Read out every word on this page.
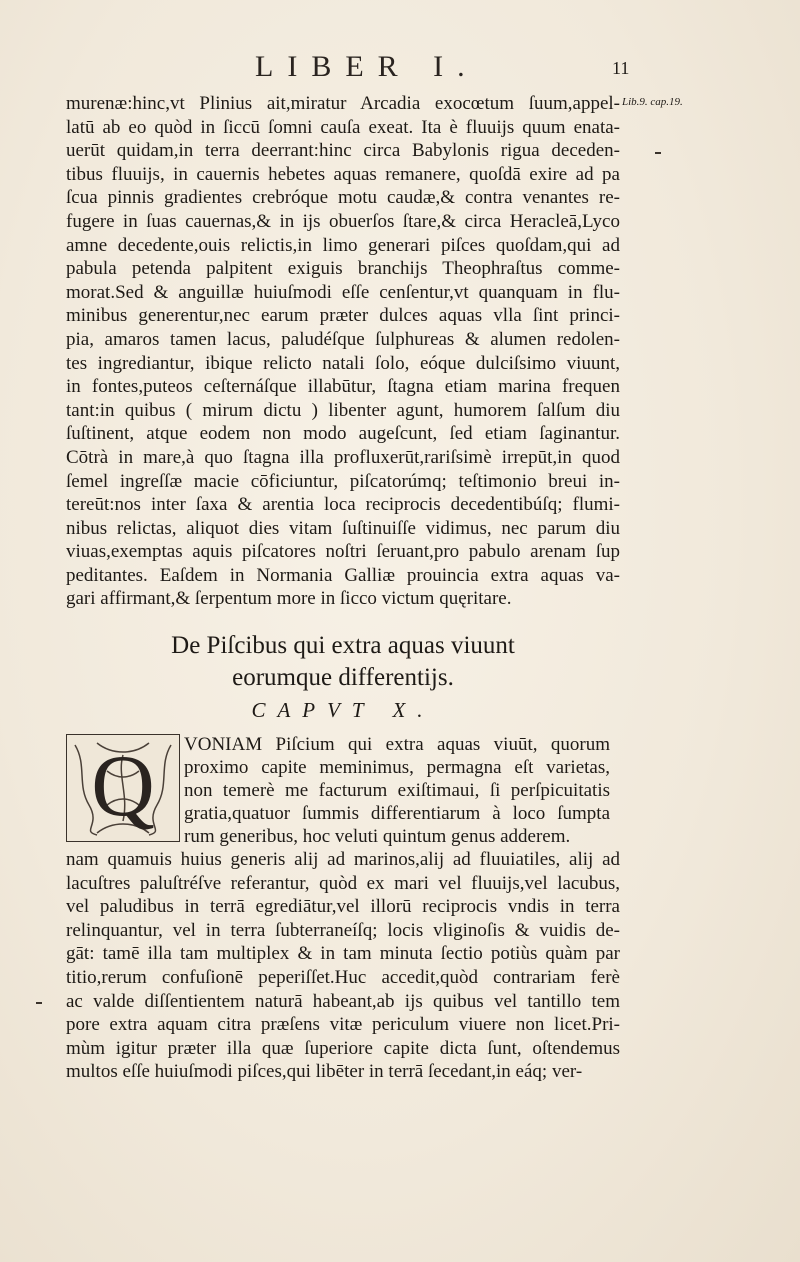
LIBER I.	11
Lib.9. cap.19.
murenæ:hinc,vt Plinius ait,miratur Arcadia exocœtum ſuum,appel-
latū ab eo quòd in ſiccū ſomni cauſa exeat. Ita è fluuijs quum enata-
uerūt quidam,in terra deerrant:hinc circa Babylonis rigua deceden-
tibus fluuijs, in cauernis hebetes aquas remanere, quoſdā exire ad pa
ſcua pinnis gradientes crebróque motu caudæ,& contra venantes re-
fugere in ſuas cauernas,& in ijs obuerſos ſtare,& circa Heracleā,Lyco
amne decedente,ouis relictis,in limo generari piſces quoſdam,qui ad
pabula petenda palpitent exiguis branchijs Theophraſtus comme-
morat.Sed & anguillæ huiuſmodi eſſe cenſentur,vt quanquam in flu-
minibus generentur,nec earum præter dulces aquas vlla ſint princi-
pia, amaros tamen lacus, paludéſque ſulphureas & alumen redolen-
tes ingrediantur, ibique relicto natali ſolo, eóque dulciſsimo viuunt,
in fontes,puteos ceſternáſque illabūtur, ſtagna etiam marina frequen
tant:in quibus ( mirum dictu ) libenter agunt, humorem ſalſum diu
ſuſtinent, atque eodem non modo augeſcunt, ſed etiam ſaginantur.
Cōtrà in mare,à quo ſtagna illa profluxerūt,rariſsimè irrepūt,in quod
ſemel ingreſſæ macie cōficiuntur, piſcatorúmq; teſtimonio breui in-
tereūt:nos inter ſaxa & arentia loca reciprocis decedentibúſq; flumi-
nibus relictas, aliquot dies vitam ſuſtinuiſſe vidimus, nec parum diu
viuas,exemptas aquis piſcatores noſtri ſeruant,pro pabulo arenam ſup
peditantes. Eaſdem in Normania Galliæ prouincia extra aquas va-
gari affirmant,& ſerpentum more in ſicco victum quęritare.
De Piſcibus qui extra aquas viuunt
eorumque differentijs.
CAPVT X.
Q	VONIAM Piſcium qui extra aquas viuūt, quorum
proximo capite meminimus, permagna eſt varietas,
non temerè me facturum exiſtimaui, ſi perſpicuitatis
gratia,quatuor ſummis differentiarum à loco ſumpta
rum generibus, hoc veluti quintum genus adderem.
nam quamuis huius generis alij ad marinos,alij ad fluuiatiles, alij ad
lacuſtres paluſtréſve referantur, quòd ex mari vel fluuijs,vel lacubus,
vel paludibus in terrā egrediātur,vel illorū reciprocis vndis in terra
relinquantur, vel in terra ſubterraneíſq; locis vliginoſis & vuidis de-
gāt: tamē illa tam multiplex & in tam minuta ſectio potiùs quàm par
titio,rerum confuſionē peperiſſet.Huc accedit,quòd contrariam ferè
ac valde diſſentientem naturā habeant,ab ijs quibus vel tantillo tem
pore extra aquam citra præſens vitæ periculum viuere non licet.Pri-
mùm igitur præter illa quæ ſuperiore capite dicta ſunt, oſtendemus
multos eſſe huiuſmodi piſces,qui libēter in terrā ſecedant,in eáq; ver-
